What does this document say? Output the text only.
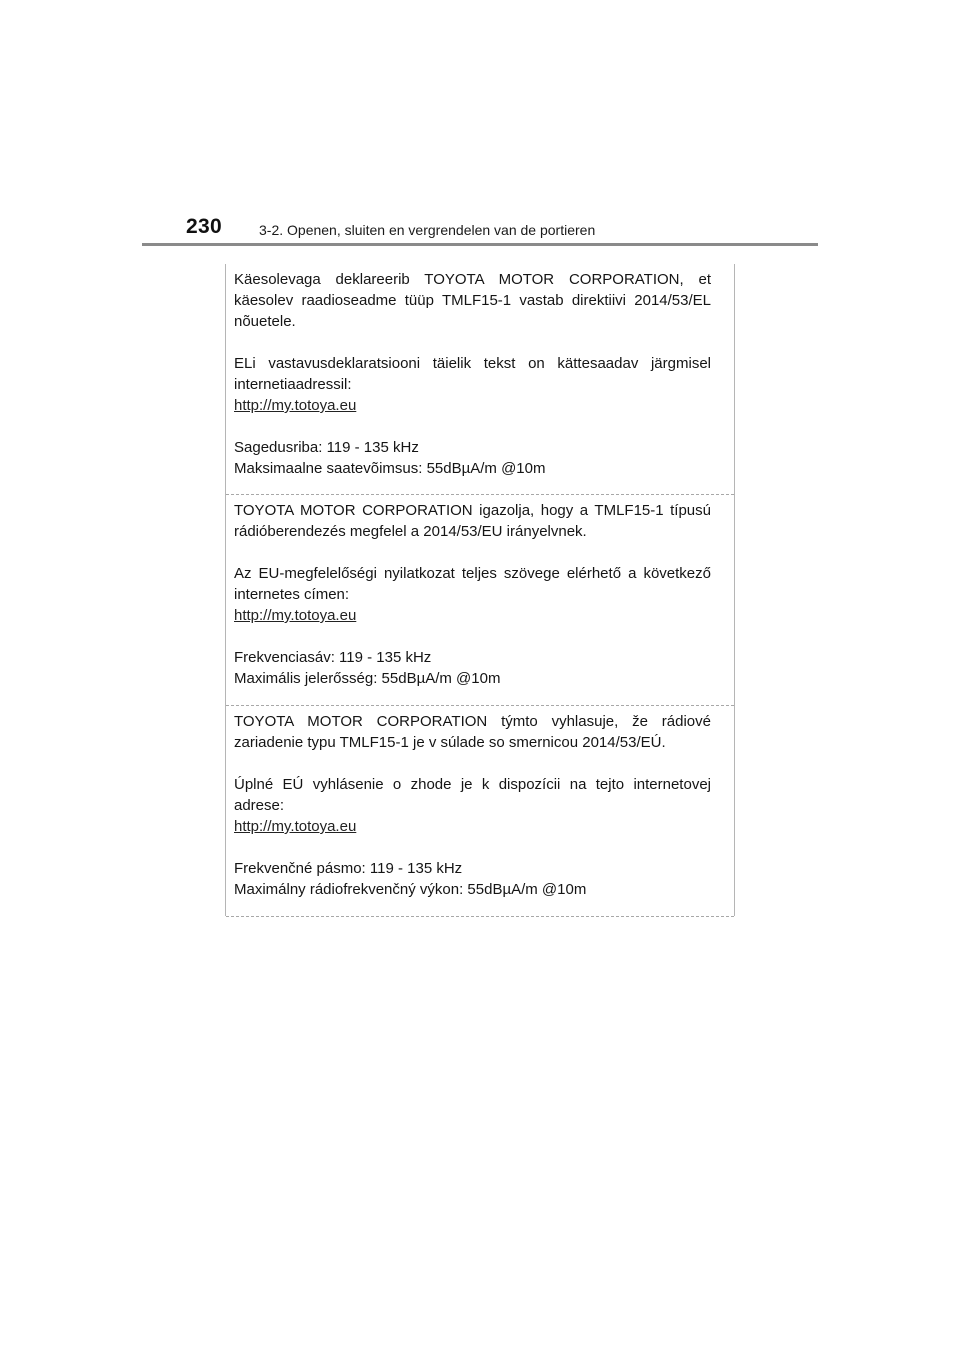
230	3-2. Openen, sluiten en vergrendelen van de portieren

Käesolevaga deklareerib TOYOTA MOTOR CORPORATION, et käesolev raadioseadme tüüp TMLF15-1 vastab direktiivi 2014/53/EL nõuetele.

ELi vastavusdeklaratsiooni täielik tekst on kättesaadav järgmisel internetiaadressil:
http://my.totoya.eu

Sagedusriba: 119 - 135 kHz
Maksimaalne saatevõimsus: 55dBµA/m @10m

TOYOTA MOTOR CORPORATION igazolja, hogy a TMLF15-1 típusú rádióberendezés megfelel a 2014/53/EU irányelvnek.

Az EU-megfelelőségi nyilatkozat teljes szövege elérhető a következő internetes címen:
http://my.totoya.eu

Frekvenciasáv: 119 - 135 kHz
Maximális jelerősség: 55dBµA/m @10m

TOYOTA MOTOR CORPORATION týmto vyhlasuje, že rádiové zariadenie typu TMLF15-1 je v súlade so smernicou 2014/53/EÚ.

Úplné EÚ vyhlásenie o zhode je k dispozícii na tejto internetovej adrese:
http://my.totoya.eu

Frekvenčné pásmo: 119 - 135 kHz
Maximálny rádiofrekvenčný výkon: 55dBµA/m @10m
